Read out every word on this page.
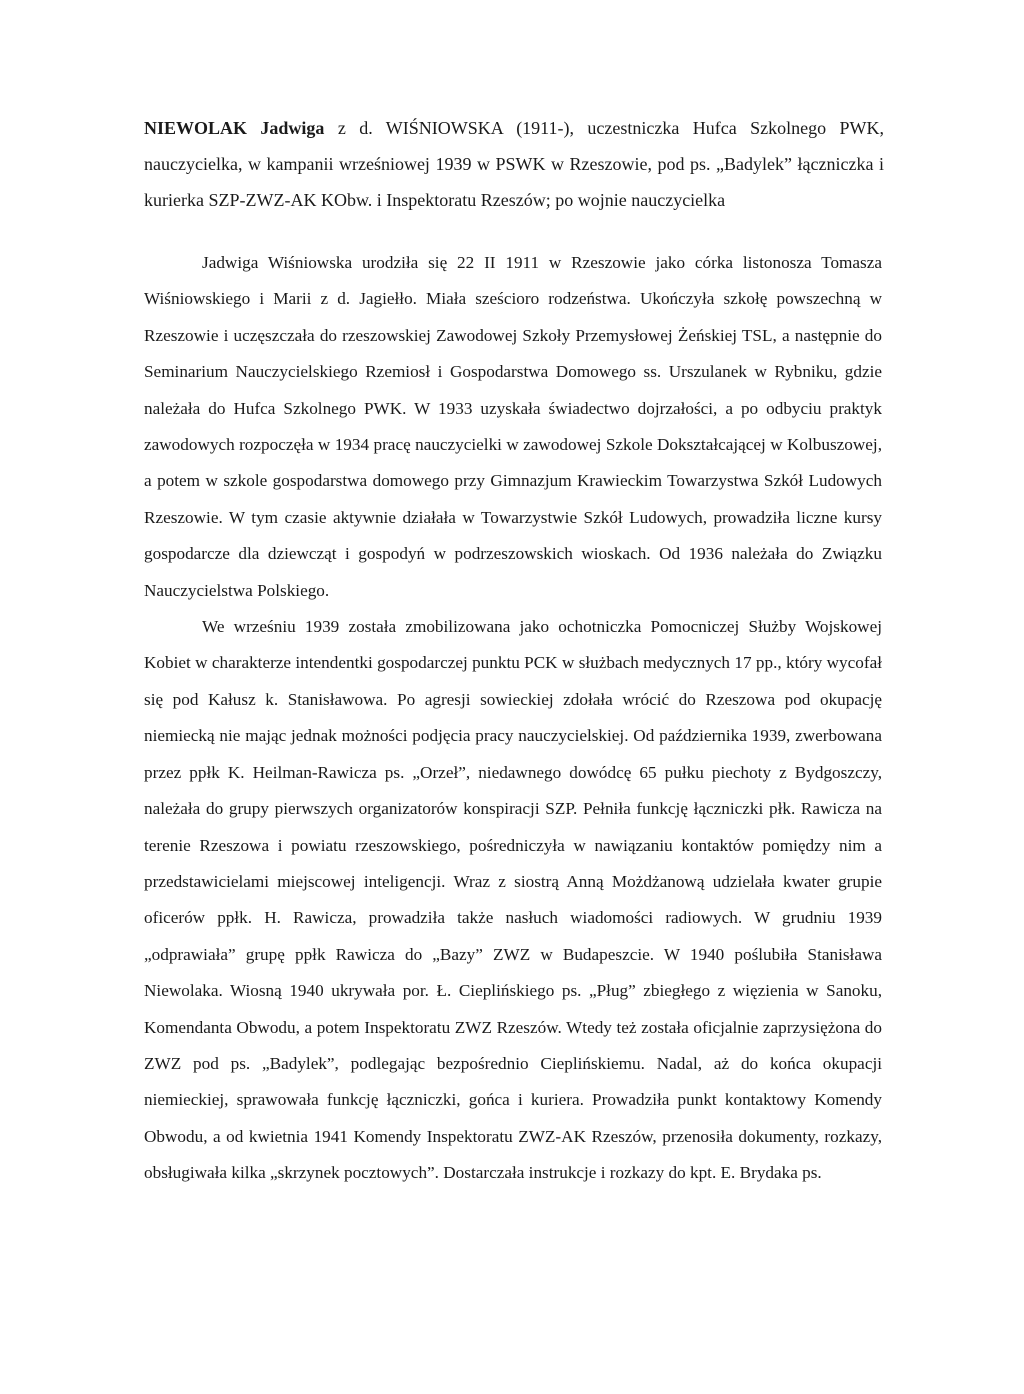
NIEWOLAK Jadwiga z d. WIŚNIOWSKA (1911-), uczestniczka Hufca Szkolnego PWK, nauczycielka, w kampanii wrześniowej 1939 w PSWK w Rzeszowie, pod ps. „Badylek” łączniczka i kurierka SZP-ZWZ-AK KObw. i Inspektoratu Rzeszów; po wojnie nauczycielka

Jadwiga Wiśniowska urodziła się 22 II 1911 w Rzeszowie jako córka listonosza Tomasza Wiśniowskiego i Marii z d. Jagiełło. Miała sześcioro rodzeństwa. Ukończyła szkołę powszechną w Rzeszowie i uczęszczała do rzeszowskiej Zawodowej Szkoły Przemysłowej Żeńskiej TSL, a następnie do Seminarium Nauczycielskiego Rzemiosł i Gospodarstwa Domowego ss. Urszulanek w Rybniku, gdzie należała do Hufca Szkolnego PWK. W 1933 uzyskała świadectwo dojrzałości, a po odbyciu praktyk zawodowych rozpoczęła w 1934 pracę nauczycielki w zawodowej Szkole Dokształcającej w Kolbuszowej, a potem w szkole gospodarstwa domowego przy Gimnazjum Krawieckim Towarzystwa Szkół Ludowych Rzeszowie. W tym czasie aktywnie działała w Towarzystwie Szkół Ludowych, prowadziła liczne kursy gospodarcze dla dziewcząt i gospodyń w podrzeszowskich wioskach. Od 1936 należała do Związku Nauczycielstwa Polskiego.

We wrześniu 1939 została zmobilizowana jako ochotniczka Pomocniczej Służby Wojskowej Kobiet w charakterze intendentki gospodarczej punktu PCK w służbach medycznych 17 pp., który wycofał się pod Kałusz k. Stanisławowa. Po agresji sowieckiej zdołała wrócić do Rzeszowa pod okupację niemiecką nie mając jednak możności podjęcia pracy nauczycielskiej. Od października 1939, zwerbowana przez ppłk K. Heilman-Rawicza ps. „Orzeł”, niedawnego dowódcę 65 pułku piechoty z Bydgoszczy, należała do grupy pierwszych organizatorów konspiracji SZP. Pełniła funkcję łączniczki płk. Rawicza na terenie Rzeszowa i powiatu rzeszowskiego, pośredniczyła w nawiązaniu kontaktów pomiędzy nim a przedstawicielami miejscowej inteligencji. Wraz z siostrą Anną Możdżanową udzielała kwater grupie oficerów ppłk. H. Rawicza, prowadziła także nasłuch wiadomości radiowych. W grudniu 1939 „odprawiała” grupę ppłk Rawicza do „Bazy” ZWZ w Budapeszcie. W 1940 poślubiła Stanisława Niewolaka. Wiosną 1940 ukrywała por. Ł. Cieplińskiego ps. „Pług” zbiegłego z więzienia w Sanoku, Komendanta Obwodu, a potem Inspektoratu ZWZ Rzeszów. Wtedy też została oficjalnie zaprzysiężona do ZWZ pod ps. „Badylek”, podlegając bezpośrednio Cieplińskiemu. Nadal, aż do końca okupacji niemieckiej, sprawowała funkcję łączniczki, gońca i kuriera. Prowadziła punkt kontaktowy Komendy Obwodu, a od kwietnia 1941 Komendy Inspektoratu ZWZ-AK Rzeszów, przenosiła dokumenty, rozkazy, obsługiwała kilka „skrzynek pocztowych”. Dostarczała instrukcje i rozkazy do kpt. E. Brydaka ps.
